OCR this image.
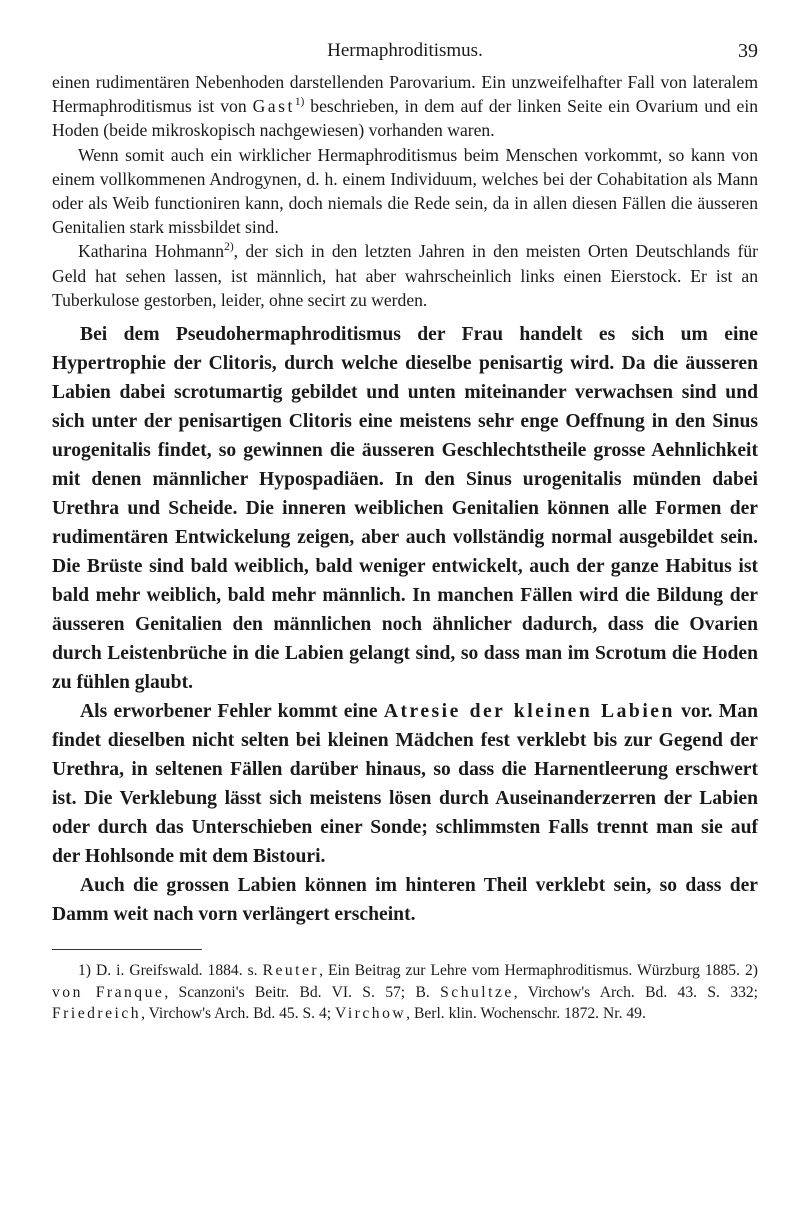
Hermaphroditismus.	39

einen rudimentären Nebenhoden darstellenden Parovarium. Ein unzweifelhafter Fall von lateralem Hermaphroditismus ist von Gast$^{1)}$ beschrieben, in dem auf der linken Seite ein Ovarium und ein Hoden (beide mikroskopisch nachgewiesen) vorhanden waren.

Wenn somit auch ein wirklicher Hermaphroditismus beim Menschen vorkommt, so kann von einem vollkommenen Androgynen, d. h. einem Individuum, welches bei der Cohabitation als Mann oder als Weib functioniren kann, doch niemals die Rede sein, da in allen diesen Fällen die äusseren Genitalien stark missbildet sind.

Katharina Hohmann$^{2)}$, der sich in den letzten Jahren in den meisten Orten Deutschlands für Geld hat sehen lassen, ist männlich, hat aber wahrscheinlich links einen Eierstock. Er ist an Tuberkulose gestorben, leider, ohne secirt zu werden.

Bei dem Pseudohermaphroditismus der Frau handelt es sich um eine Hypertrophie der Clitoris, durch welche dieselbe penisartig wird. Da die äusseren Labien dabei scrotumartig gebildet und unten miteinander verwachsen sind und sich unter der penisartigen Clitoris eine meistens sehr enge Oeffnung in den Sinus urogenitalis findet, so gewinnen die äusseren Geschlechtstheile grosse Aehnlichkeit mit denen männlicher Hypospadiäen. In den Sinus urogenitalis münden dabei Urethra und Scheide. Die inneren weiblichen Genitalien können alle Formen der rudimentären Entwickelung zeigen, aber auch vollständig normal ausgebildet sein. Die Brüste sind bald weiblich, bald weniger entwickelt, auch der ganze Habitus ist bald mehr weiblich, bald mehr männlich. In manchen Fällen wird die Bildung der äusseren Genitalien den männlichen noch ähnlicher dadurch, dass die Ovarien durch Leistenbrüche in die Labien gelangt sind, so dass man im Scrotum die Hoden zu fühlen glaubt.

Als erworbener Fehler kommt eine Atresie der kleinen Labien vor. Man findet dieselben nicht selten bei kleinen Mädchen fest verklebt bis zur Gegend der Urethra, in seltenen Fällen darüber hinaus, so dass die Harnentleerung erschwert ist. Die Verklebung lässt sich meistens lösen durch Auseinanderzerren der Labien oder durch das Unterschieben einer Sonde; schlimmsten Falls trennt man sie auf der Hohlsonde mit dem Bistouri.

Auch die grossen Labien können im hinteren Theil verklebt sein, so dass der Damm weit nach vorn verlängert erscheint.

1) D. i. Greifswald. 1884. s. Reuter, Ein Beitrag zur Lehre vom Hermaphroditismus. Würzburg 1885. 2) von Franque, Scanzoni's Beitr. Bd. VI. S. 57; B. Schultze, Virchow's Arch. Bd. 43. S. 332; Friedreich, Virchow's Arch. Bd. 45. S. 4; Virchow, Berl. klin. Wochenschr. 1872. Nr. 49.
